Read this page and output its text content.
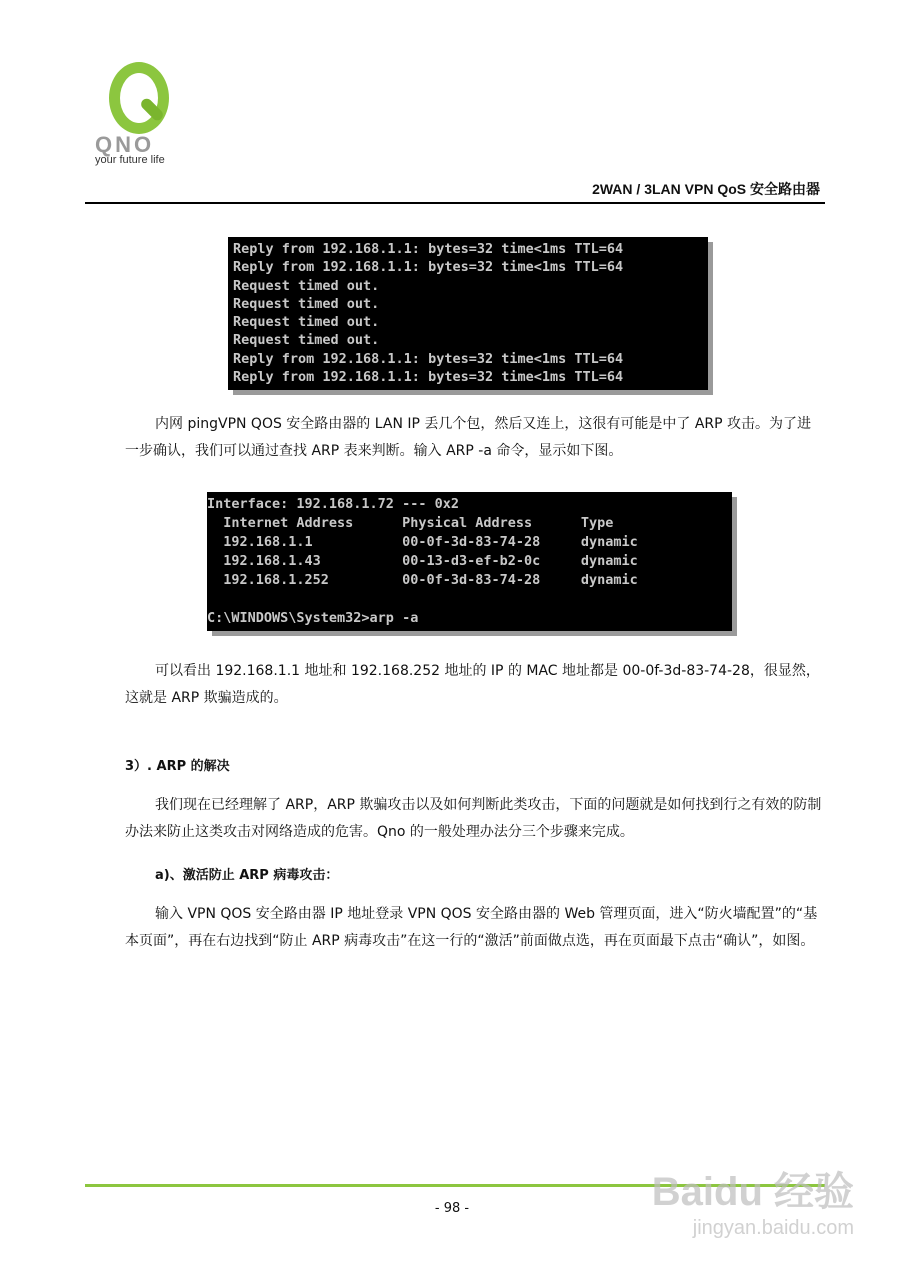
QNO
your future life
2WAN / 3LAN VPN QoS 安全路由器
Reply from 192.168.1.1: bytes=32 time<1ms TTL=64
Reply from 192.168.1.1: bytes=32 time<1ms TTL=64
Request timed out.
Request timed out.
Request timed out.
Request timed out.
Reply from 192.168.1.1: bytes=32 time<1ms TTL=64
Reply from 192.168.1.1: bytes=32 time<1ms TTL=64
内网 pingVPN QOS 安全路由器的 LAN IP 丢几个包，然后又连上，这很有可能是中了 ARP 攻击。为了进一步确认，我们可以通过查找 ARP 表来判断。输入 ARP -a 命令，显示如下图。
Interface: 192.168.1.72 --- 0x2
Internet Address      Physical Address      Type
192.168.1.1           00-0f-3d-83-74-28     dynamic
192.168.1.43          00-13-d3-ef-b2-0c     dynamic
192.168.1.252         00-0f-3d-83-74-28     dynamic
C:\WINDOWS\System32>arp -a
可以看出 192.168.1.1 地址和 192.168.252 地址的 IP 的 MAC 地址都是 00-0f-3d-83-74-28，很显然，这就是 ARP 欺骗造成的。
3）. ARP 的解决
我们现在已经理解了 ARP，ARP 欺骗攻击以及如何判断此类攻击，下面的问题就是如何找到行之有效的防制办法来防止这类攻击对网络造成的危害。Qno 的一般处理办法分三个步骤来完成。
a)、激活防止 ARP 病毒攻击：
输入 VPN QOS 安全路由器 IP 地址登录 VPN QOS 安全路由器的 Web 管理页面，进入“防火墙配置”的“基本页面”，再在右边找到“防止 ARP 病毒攻击”在这一行的“激活”前面做点选，再在页面最下点击“确认”，如图。
- 98 -	Baidu 经验
jingyan.baidu.com
